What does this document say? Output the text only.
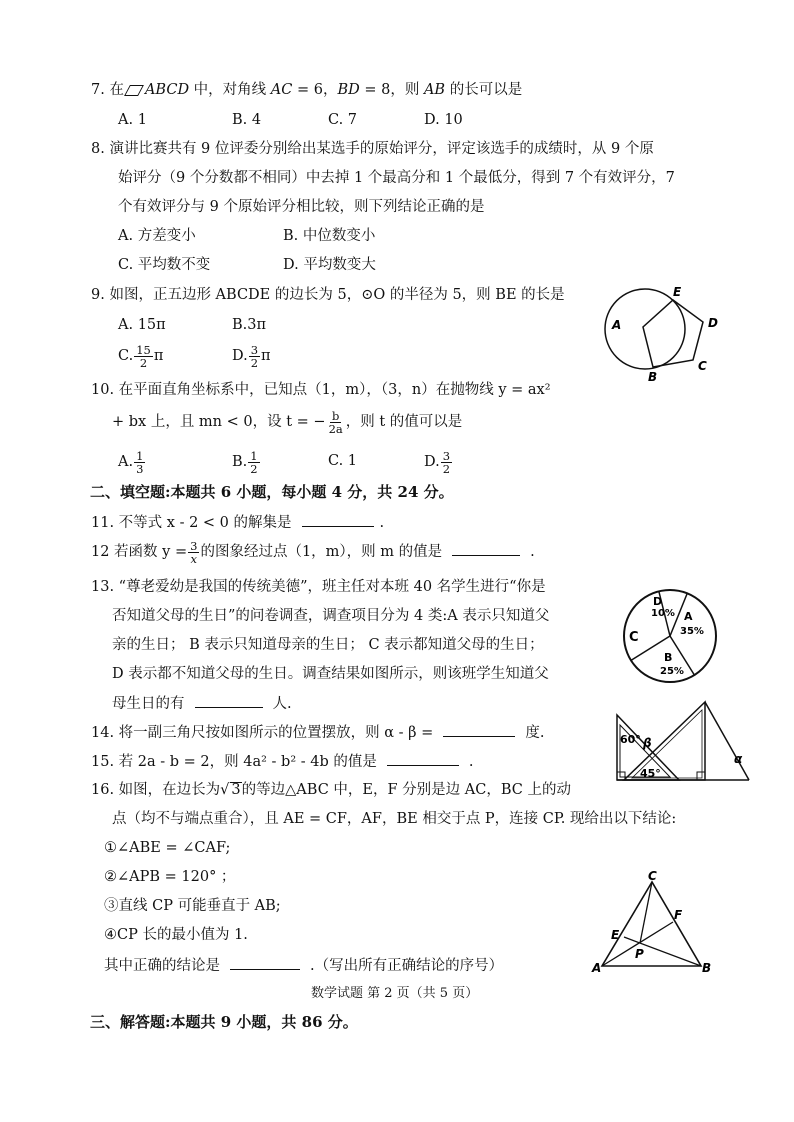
7. 在 ABCD 中，对角线 AC = 6，BD = 8，则 AB 的长可以是
A. 1	B. 4	C. 7	D. 10
8. 演讲比赛共有 9 位评委分别给出某选手的原始评分，评定该选手的成绩时，从 9 个原
始评分（9 个分数都不相同）中去掉 1 个最高分和 1 个最低分，得到 7 个有效评分，7
个有效评分与 9 个原始评分相比较，则下列结论正确的是
A. 方差变小	B. 中位数变小
C. 平均数不变	D. 平均数变大
9. 如图，正五边形 ABCDE 的边长为 5，⊙O 的半径为 5，则 BE 的长是
A. 15π	B.3π
C. $\frac{15}{2}$ π	D. $\frac{3}{2}$ π
A
E
D
C
B
10. 在平面直角坐标系中，已知点（1，m），（3，n）在抛物线 y = ax²
+ bx 上，且 mn < 0，设 t = − $\frac{b}{2a}$ ，则 t 的值可以是
A. $\frac{1}{3}$	B. $\frac{1}{2}$	C. 1	D. $\frac{3}{2}$
二、填空题:本题共 6 小题，每小题 4 分，共 24 分。
11. 不等式 x - 2 < 0 的解集是	.
12 若函数 $y = \frac{3}{x}$ 的图象经过点（1，m），则 m 的值是	.
13. “尊老爱幼是我国的传统美德”，班主任对本班 40 名学生进行“你是
否知道父母的生日”的问卷调查，调查项目分为 4 类:A 表示只知道父
亲的生日； B 表示只知道母亲的生日； C 表示都知道父母的生日；
D 表示都不知道父母的生日。调查结果如图所示，则该班学生知道父
母生日的有	人.
C
D
10% A
35%
B
25%
14. 将一副三角尺按如图所示的位置摆放，则 α - β =	度.	60° β
45°
α
15. 若 2a - b = 2，则 4a² - b² - 4b 的值是	.
16. 如图，在边长为√ 3的等边△ABC 中，E，F 分别是边 AC，BC 上的动
点（均不与端点重合），且 AE = CF，AF，BE 相交于点 P，连接 CP. 现给出以下结论:
①∠ABE = ∠CAF;
②∠APB = 120° ；
③直线 CP 可能垂直于 AB;
④CP 长的最小值为 1.
其中正确的结论是	.（写出所有正确结论的序号）
C
F
E
P
A	B
数学试题 第 2 页（共 5 页）
三、解答题:本题共 9 小题，共 86 分。
